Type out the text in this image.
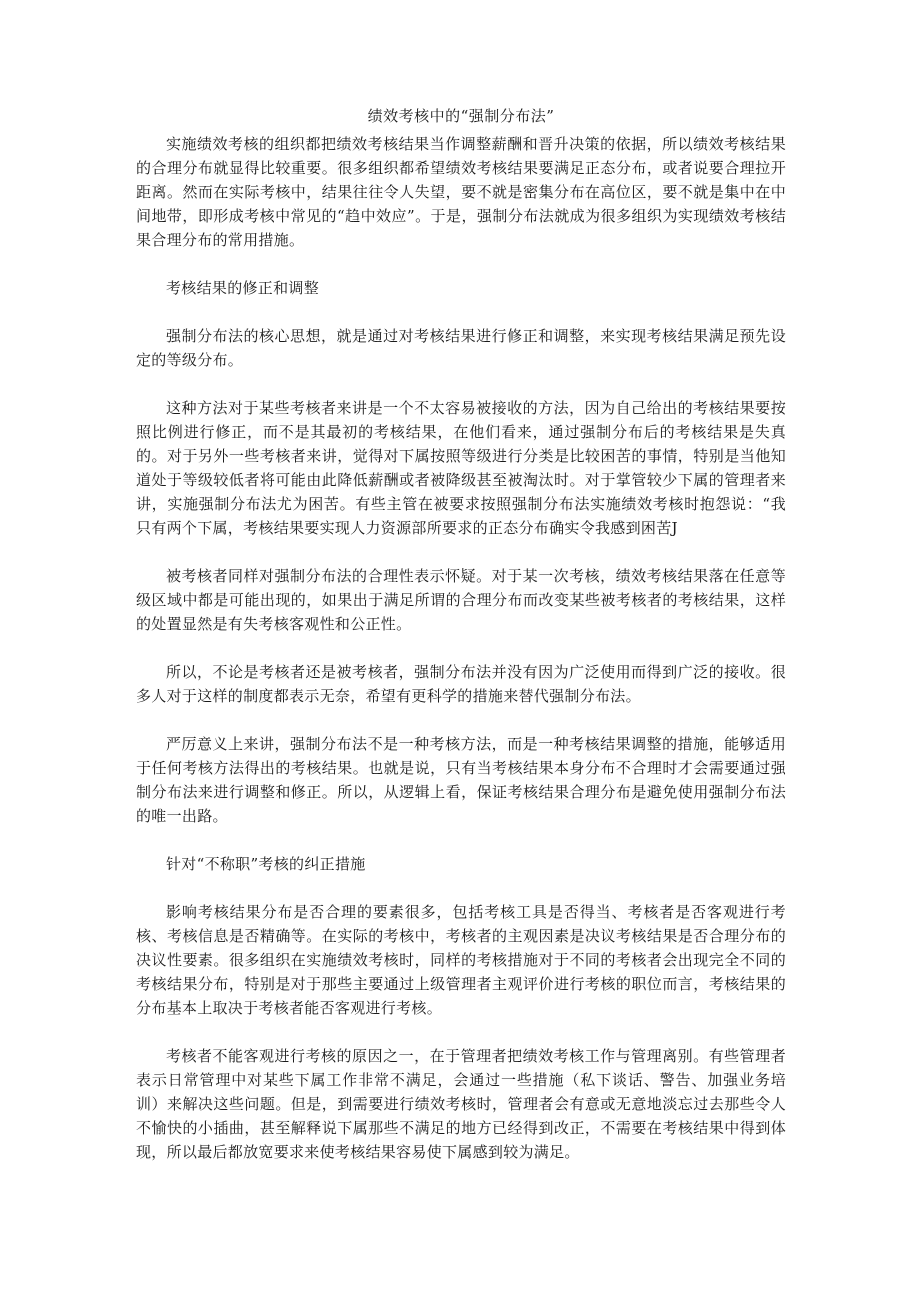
绩效考核中的“强制分布法”

实施绩效考核的组织都把绩效考核结果当作调整薪酬和晋升决策的依据，所以绩效考核结果的合理分布就显得比较重要。很多组织都希望绩效考核结果要满足正态分布，或者说要合理拉开距离。然而在实际考核中，结果往往令人失望，要不就是密集分布在高位区，要不就是集中在中间地带，即形成考核中常见的“趋中效应”。于是，强制分布法就成为很多组织为实现绩效考核结果合理分布的常用措施。

考核结果的修正和调整

强制分布法的核心思想，就是通过对考核结果进行修正和调整，来实现考核结果满足预先设定的等级分布。

这种方法对于某些考核者来讲是一个不太容易被接收的方法，因为自己给出的考核结果要按照比例进行修正，而不是其最初的考核结果，在他们看来，通过强制分布后的考核结果是失真的。对于另外一些考核者来讲，觉得对下属按照等级进行分类是比较困苦的事情，特别是当他知道处于等级较低者将可能由此降低薪酬或者被降级甚至被淘汰时。对于掌管较少下属的管理者来讲，实施强制分布法尤为困苦。有些主管在被要求按照强制分布法实施绩效考核时抱怨说：“我只有两个下属，考核结果要实现人力资源部所要求的正态分布确实令我感到困苦J

被考核者同样对强制分布法的合理性表示怀疑。对于某一次考核，绩效考核结果落在任意等级区域中都是可能出现的，如果出于满足所谓的合理分布而改变某些被考核者的考核结果，这样的处置显然是有失考核客观性和公正性。

所以，不论是考核者还是被考核者，强制分布法并没有因为广泛使用而得到广泛的接收。很多人对于这样的制度都表示无奈，希望有更科学的措施来替代强制分布法。

严厉意义上来讲，强制分布法不是一种考核方法，而是一种考核结果调整的措施，能够适用于任何考核方法得出的考核结果。也就是说，只有当考核结果本身分布不合理时才会需要通过强制分布法来进行调整和修正。所以，从逻辑上看，保证考核结果合理分布是避免使用强制分布法的唯一出路。

针对“不称职”考核的纠正措施

影响考核结果分布是否合理的要素很多，包括考核工具是否得当、考核者是否客观进行考核、考核信息是否精确等。在实际的考核中，考核者的主观因素是决议考核结果是否合理分布的决议性要素。很多组织在实施绩效考核时，同样的考核措施对于不同的考核者会出现完全不同的考核结果分布，特别是对于那些主要通过上级管理者主观评价进行考核的职位而言，考核结果的分布基本上取决于考核者能否客观进行考核。

考核者不能客观进行考核的原因之一，在于管理者把绩效考核工作与管理离别。有些管理者表示日常管理中对某些下属工作非常不满足，会通过一些措施（私下谈话、警告、加强业务培训）来解决这些问题。但是，到需要进行绩效考核时，管理者会有意或无意地淡忘过去那些令人不愉快的小插曲，甚至解释说下属那些不满足的地方已经得到改正，不需要在考核结果中得到体现，所以最后都放宽要求来使考核结果容易使下属感到较为满足。
